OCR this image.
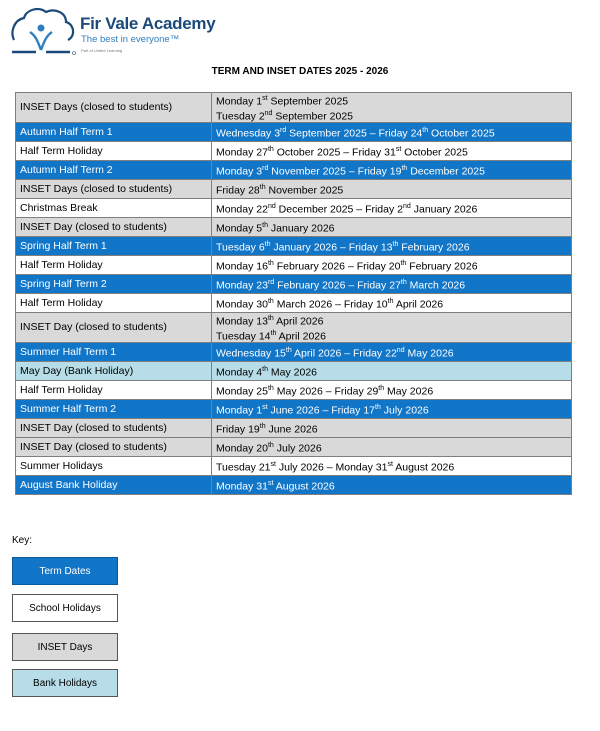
Fir Vale Academy
The best in everyone™
Part of United Learning
TERM AND INSET DATES 2025 - 2026
INSET Days (closed to students)	Monday 1st September 2025
Tuesday 2nd September 2025

Autumn Half Term 1	Wednesday 3rd September 2025 – Friday 24th October 2025

Half Term Holiday	Monday 27th October 2025 – Friday 31st October 2025

Autumn Half Term 2	Monday 3rd November 2025 – Friday 19th December 2025

INSET Days (closed to students)	Friday 28th November 2025

Christmas Break	Monday 22nd December 2025 – Friday 2nd January 2026

INSET Day (closed to students)	Monday 5th January 2026

Spring Half Term 1	Tuesday 6th January 2026 – Friday 13th February 2026

Half Term Holiday	Monday 16th February 2026 – Friday 20th February 2026

Spring Half Term 2	Monday 23rd February 2026 – Friday 27th March 2026

Half Term Holiday	Monday 30th March 2026 – Friday 10th April 2026

INSET Day (closed to students)	Monday 13th April 2026
Tuesday 14th April 2026

Summer Half Term 1	Wednesday 15th April 2026 – Friday 22nd May 2026

May Day (Bank Holiday)	Monday 4th May 2026

Half Term Holiday	Monday 25th May 2026 – Friday 29th May 2026

Summer Half Term 2	Monday 1st June 2026 – Friday 17th July 2026

INSET Day (closed to students)	Friday 19th June 2026

INSET Day (closed to students)	Monday 20th July 2026

Summer Holidays	Tuesday 21st July 2026 – Monday 31st August 2026

August Bank Holiday	Monday 31st August 2026
Key:
Term Dates
School Holidays
INSET Days
Bank Holidays
